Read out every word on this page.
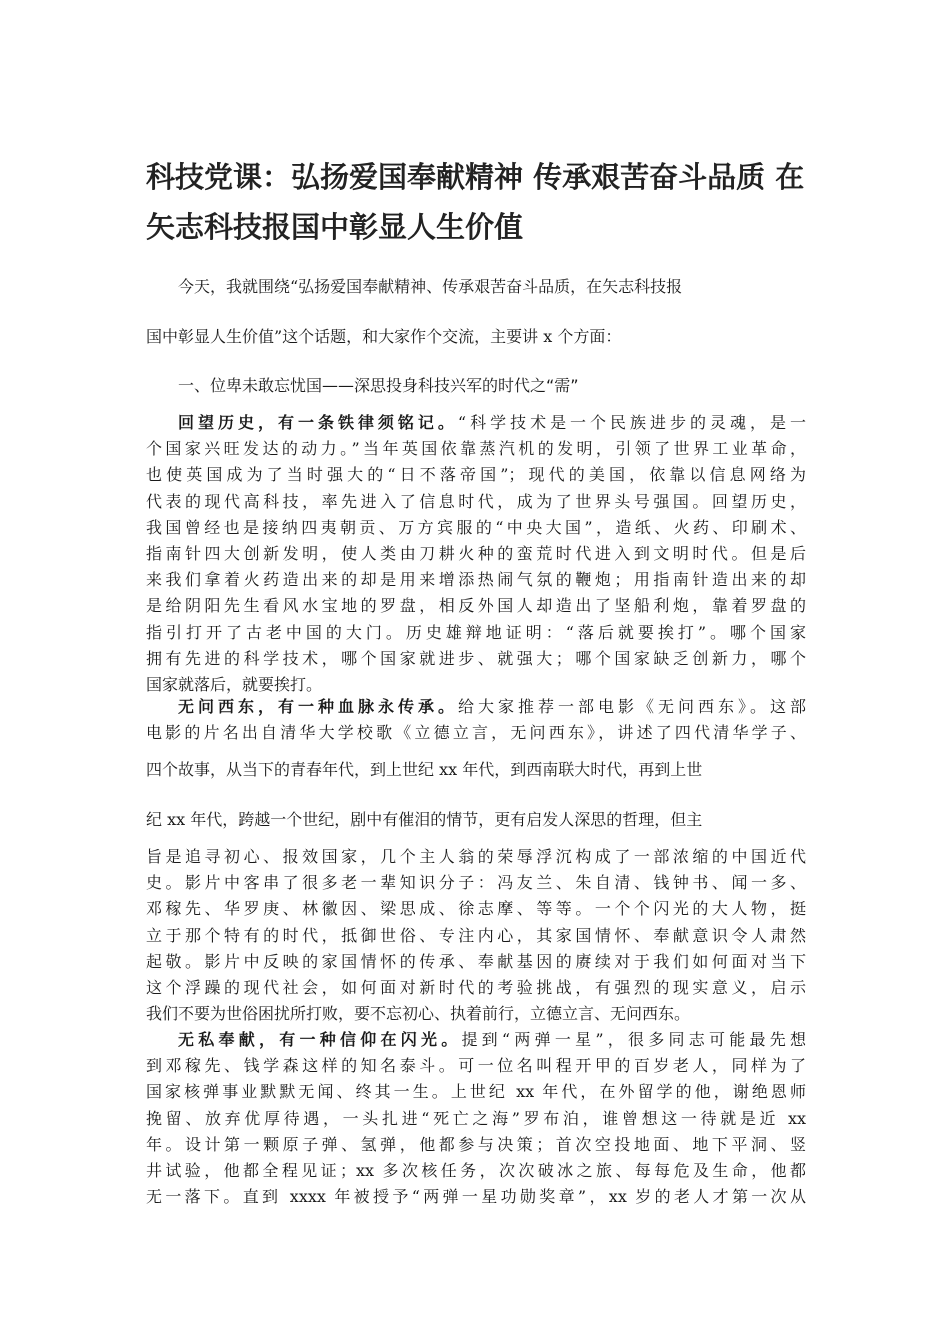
科技党课：弘扬爱国奉献精神 传承艰苦奋斗品质 在
矢志科技报国中彰显人生价值
今天，我就围绕“弘扬爱国奉献精神、传承艰苦奋斗品质，在矢志科技报
国中彰显人生价值”这个话题，和大家作个交流，主要讲 x 个方面：
一、位卑未敢忘忧国——深思投身科技兴军的时代之“需”
回望历史，有一条铁律须铭记。“科学技术是一个民族进步的灵魂，是一
个国家兴旺发达的动力。”当年英国依靠蒸汽机的发明，引领了世界工业革命，
也使英国成为了当时强大的“日不落帝国”；现代的美国，依靠以信息网络为
代表的现代高科技，率先进入了信息时代，成为了世界头号强国。回望历史，
我国曾经也是接纳四夷朝贡、万方宾服的“中央大国”，造纸、火药、印刷术、
指南针四大创新发明，使人类由刀耕火种的蛮荒时代进入到文明时代。但是后
来我们拿着火药造出来的却是用来增添热闹气氛的鞭炮；用指南针造出来的却
是给阴阳先生看风水宝地的罗盘，相反外国人却造出了坚船利炮，靠着罗盘的
指引打开了古老中国的大门。历史雄辩地证明：“落后就要挨打”。哪个国家
拥有先进的科学技术，哪个国家就进步、就强大；哪个国家缺乏创新力，哪个
国家就落后，就要挨打。
无问西东，有一种血脉永传承。给大家推荐一部电影《无问西东》。这部
电影的片名出自清华大学校歌《立德立言，无问西东》，讲述了四代清华学子、
四个故事，从当下的青春年代，到上世纪 xx 年代，到西南联大时代，再到上世
纪 xx 年代，跨越一个世纪，剧中有催泪的情节，更有启发人深思的哲理，但主
旨是追寻初心、报效国家，几个主人翁的荣辱浮沉构成了一部浓缩的中国近代
史。影片中客串了很多老一辈知识分子：冯友兰、朱自清、钱钟书、闻一多、
邓稼先、华罗庚、林徽因、梁思成、徐志摩、等等。一个个闪光的大人物，挺
立于那个特有的时代，抵御世俗、专注内心，其家国情怀、奉献意识令人肃然
起敬。影片中反映的家国情怀的传承、奉献基因的赓续对于我们如何面对当下
这个浮躁的现代社会，如何面对新时代的考验挑战，有强烈的现实意义，启示
我们不要为世俗困扰所打败，要不忘初心、执着前行，立德立言、无问西东。
无私奉献，有一种信仰在闪光。提到“两弹一星”，很多同志可能最先想
到邓稼先、钱学森这样的知名泰斗。可一位名叫程开甲的百岁老人，同样为了
国家核弹事业默默无闻、终其一生。上世纪 xx 年代，在外留学的他，谢绝恩师
挽留、放弃优厚待遇，一头扎进“死亡之海”罗布泊，谁曾想这一待就是近 xx
年。设计第一颗原子弹、氢弹，他都参与决策；首次空投地面、地下平洞、竖
井试验，他都全程见证；xx 多次核任务，次次破冰之旅、每每危及生命，他都
无一落下。直到 xxxx 年被授予“两弹一星功勋奖章”，xx 岁的老人才第一次从
